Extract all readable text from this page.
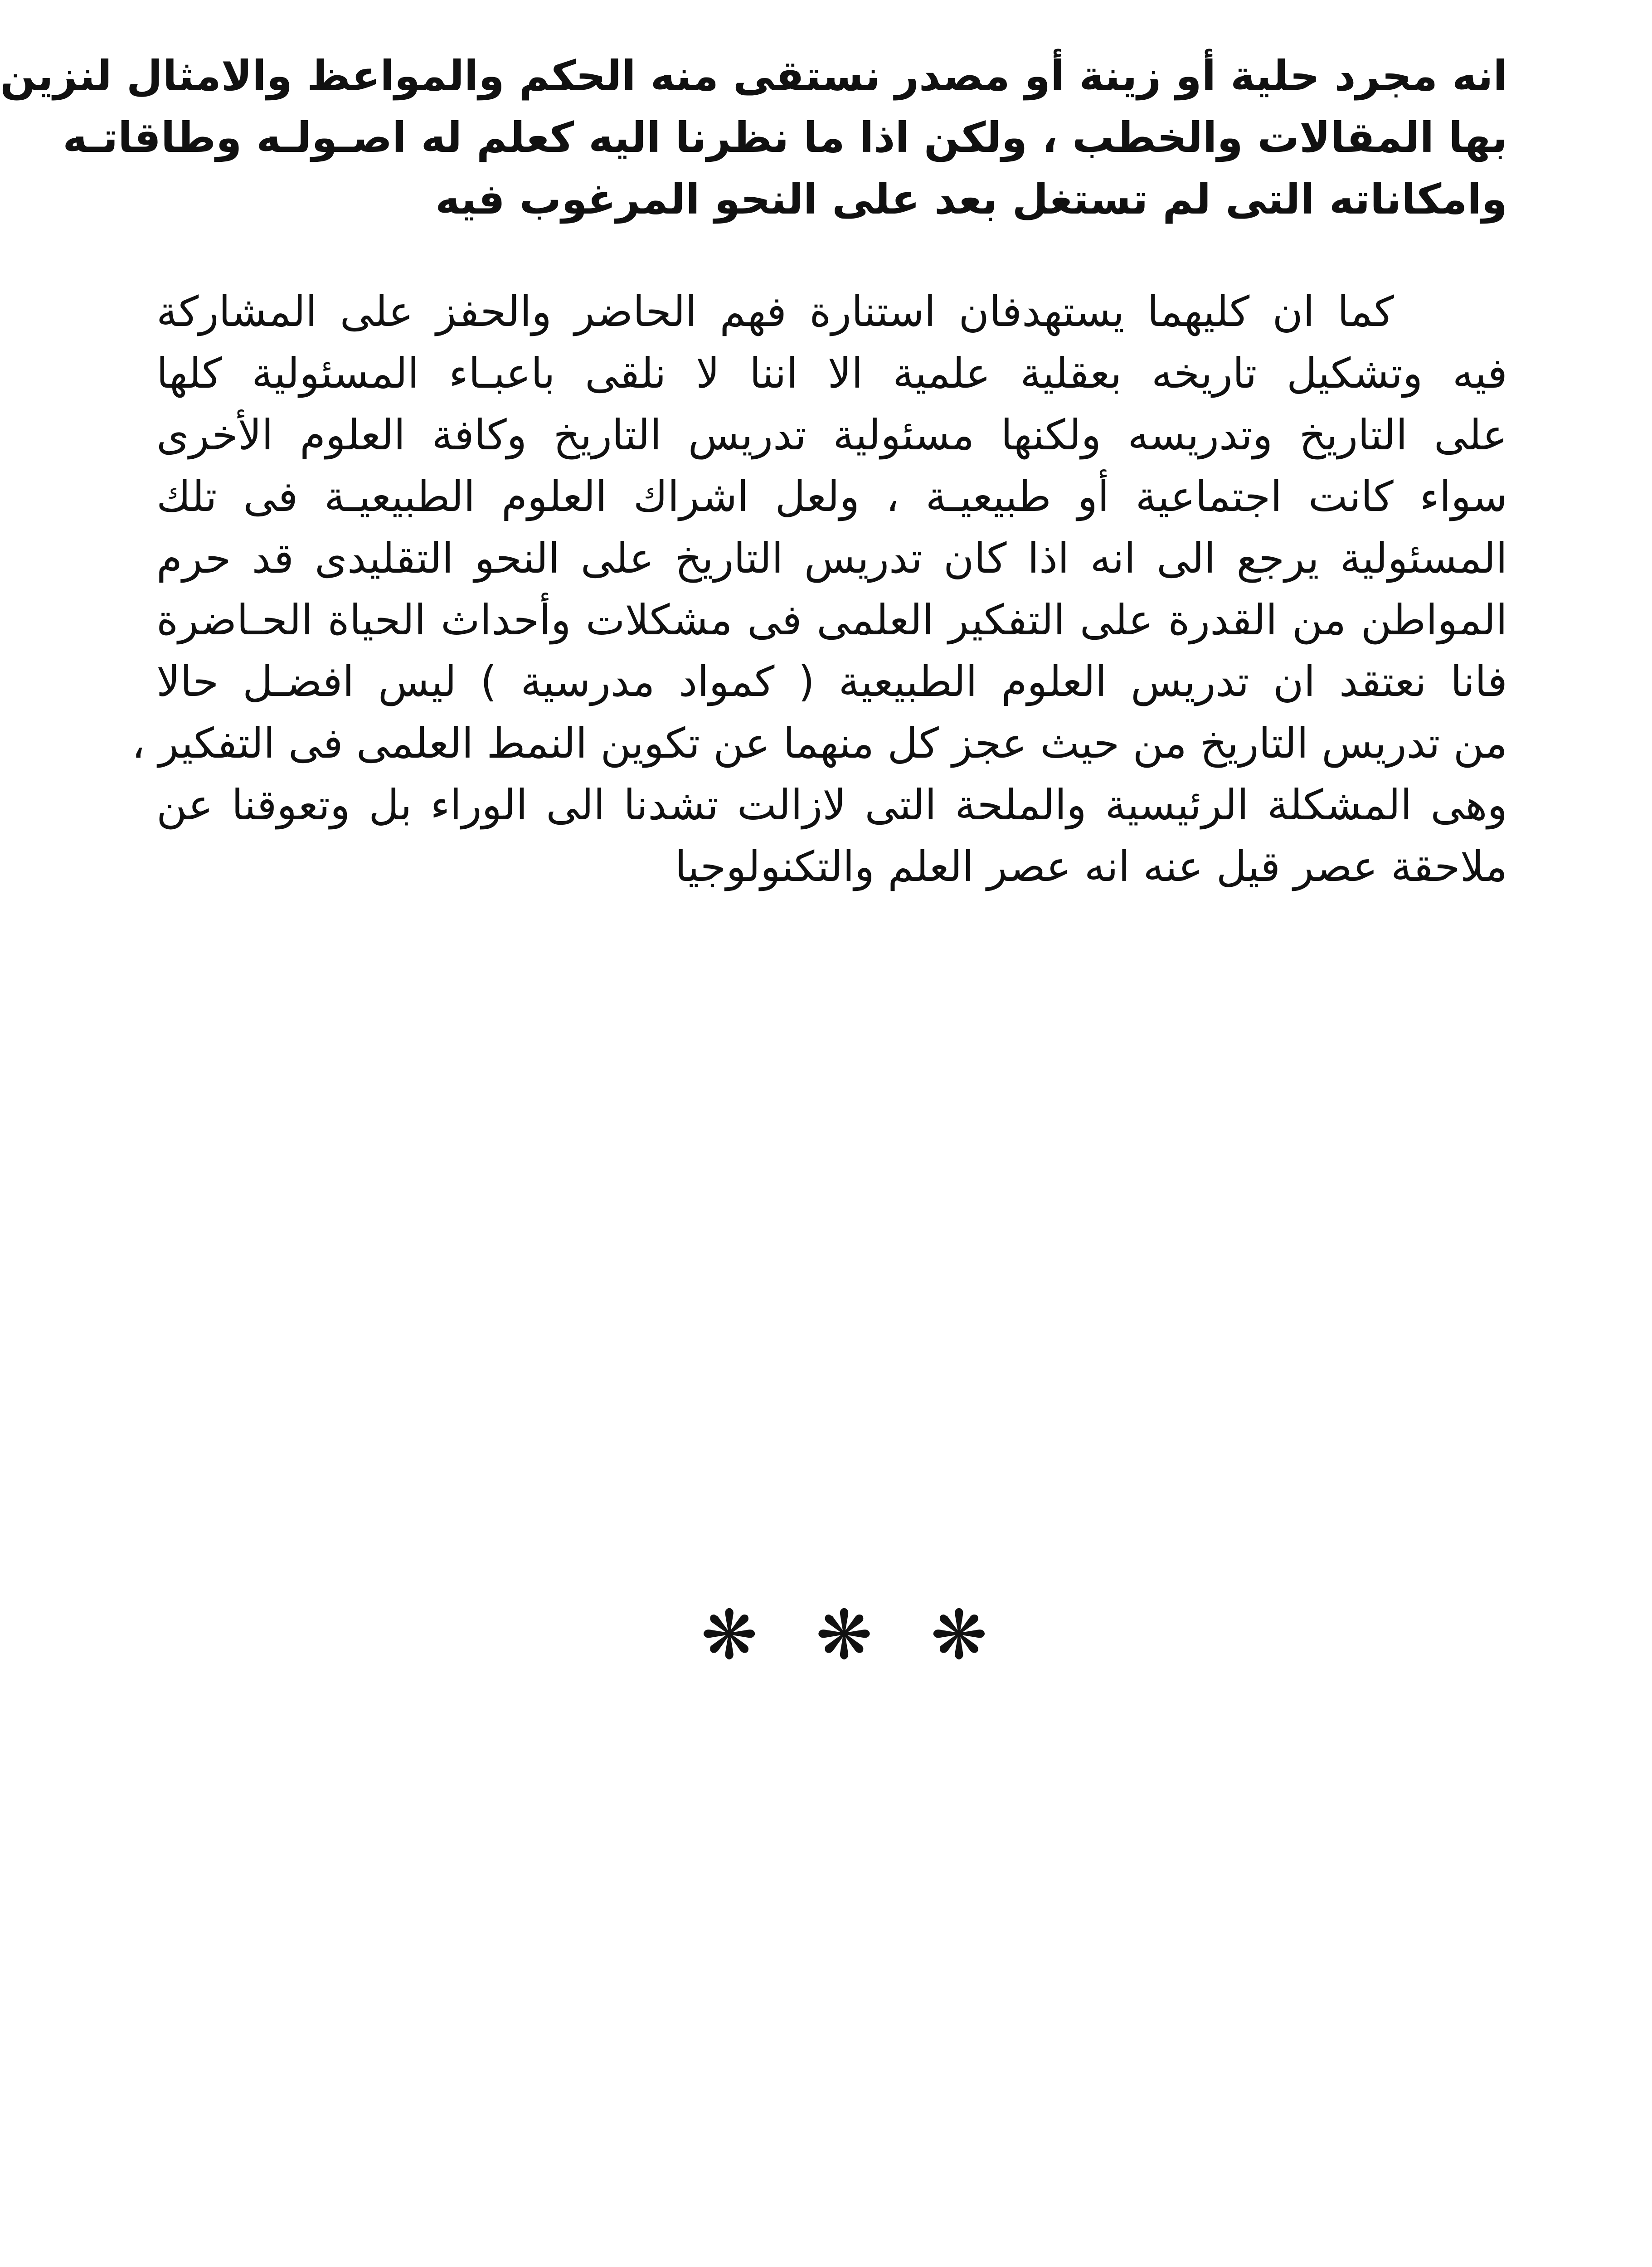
انه مجرد حلية أو زينة أو مصدر نستقى منه الحكم والمواعظ والامثال لنزين
بها المقالات والخطب ، ولكن اذا ما نظرنا اليه كعلم له اصـولـه وطاقاتـه
وامكاناته التى لم تستغل بعد على النحو المرغوب فيه
كما ان كليهما يستهدفان استنارة فهم الحاضر والحفز على المشاركة
فيه وتشكيل تاريخه بعقلية علمية الا اننا لا نلقى باعبـاء المسئولية كلها
على التاريخ وتدريسه ولكنها مسئولية تدريس التاريخ وكافة العلوم الأخرى
سواء كانت اجتماعية أو طبيعيـة ، ولعل اشراك العلوم الطبيعيـة فى تلك
المسئولية يرجع الى انه اذا كان تدريس التاريخ على النحو التقليدى قد حرم
المواطن من القدرة على التفكير العلمى فى مشكلات وأحداث الحياة الحـاضرة
فانا نعتقد ان تدريس العلوم الطبيعية ( كمواد مدرسية ) ليس افضـل حالا
من تدريس التاريخ من حيث عجز كل منهما عن تكوين النمط العلمى فى التفكير ،
وهى المشكلة الرئيسية والملحة التى لازالت تشدنا الى الوراء بل وتعوقنا عن
ملاحقة عصر قيل عنه انه عصر العلم والتكنولوجيا
❋ ❋ ❋
